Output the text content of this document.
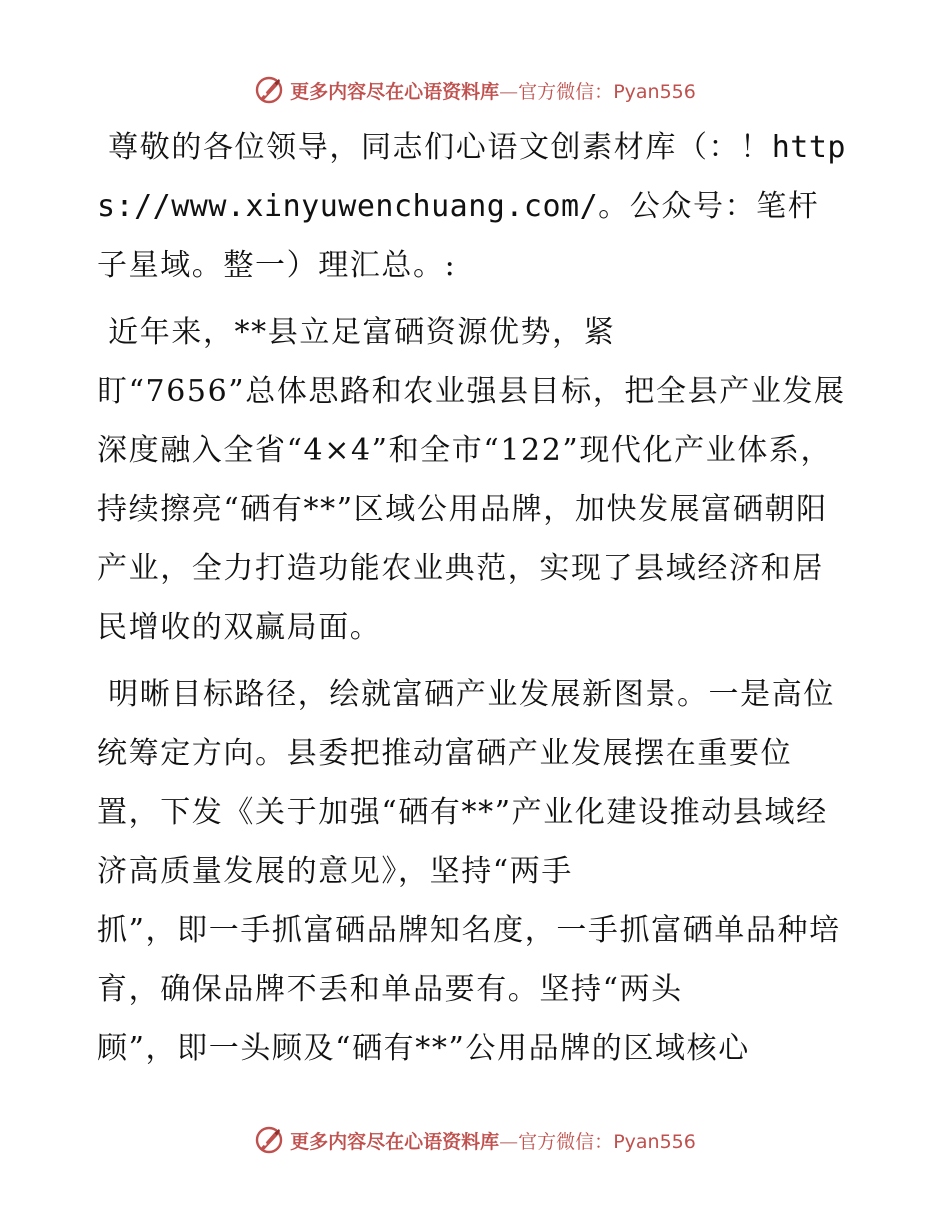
更多内容尽在心语资料库—官方微信：Pyan556

尊敬的各位领导，同志们心语文创素材库（：！https://www.xinyuwenchuang.com/。公众号：笔杆子星域。整一）理汇总。:

近年来，**县立足富硒资源优势，紧
盯“7656”总体思路和农业强县目标，把全县产业发展深度融入全省“4×4”和全市“122”现代化产业体系，持续擦亮“硒有**”区域公用品牌，加快发展富硒朝阳产业，全力打造功能农业典范，实现了县域经济和居民增收的双赢局面。

明晰目标路径，绘就富硒产业发展新图景。一是高位统筹定方向。县委把推动富硒产业发展摆在重要位置，下发《关于加强“硒有**”产业化建设推动县域经济高质量发展的意见》，坚持“两手
抓”，即一手抓富硒品牌知名度，一手抓富硒单品种培育，确保品牌不丢和单品要有。坚持“两头
顾”，即一头顾及“硒有**”公用品牌的区域核心

更多内容尽在心语资料库—官方微信：Pyan556
